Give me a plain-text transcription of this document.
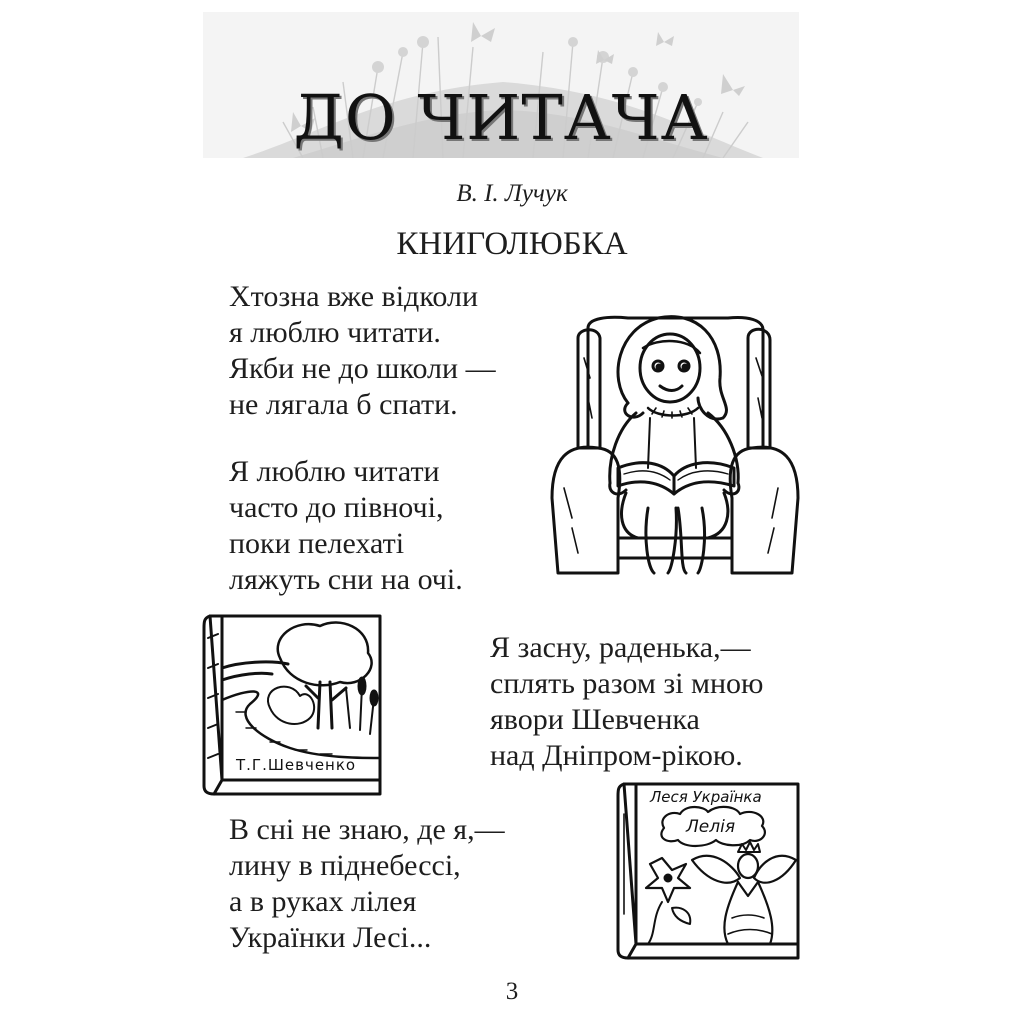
ДО ЧИТАЧА

В. І. Лучук

КНИГОЛЮБКА
Хтозна вже відколи
я люблю читати.
Якби не до школи —
не лягала б спати.
Я люблю читати
часто до півночі,
поки пелехаті
ляжуть сни на очі.
Я засну, раденька,—
сплять разом зі мною
явори Шевченка
над Дніпром-рікою.
В сні не знаю, де я,—
лину в піднебессі,
а в руках лілея
Українки Лесі...
Т.Г.Шевченко
Леся Українка
Лелія
3
